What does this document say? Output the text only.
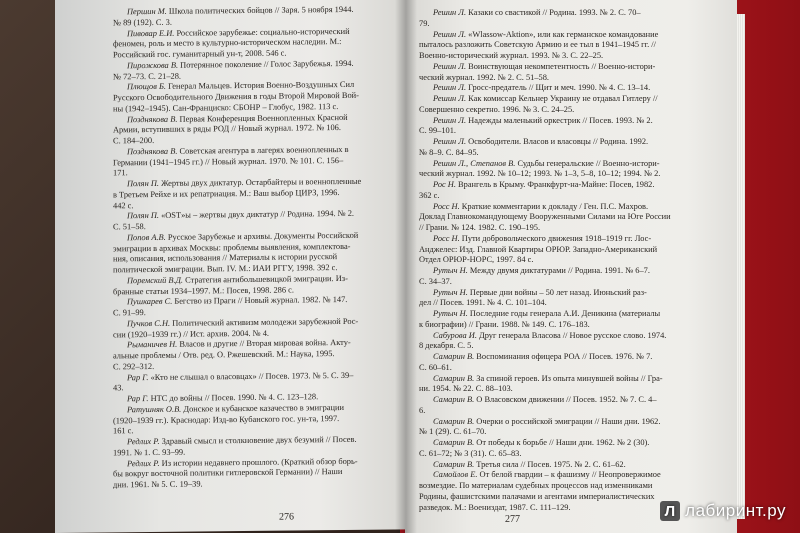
Першин М. Школа политических бойцов // Заря. 5 ноября 1944.
№ 89 (192). С. 3.
Пивовар Е.И. Российское зарубежье: социально-исторический
феномен, роль и место в культурно-историческом наследии. М.:
Российский гос. гуманитарный ун-т, 2008. 546 с.
Пирожкова В. Потерянное поколение // Голос Зарубежья. 1994.
№ 72–73. С. 21–28.
Плющов Б. Генерал Мальцев. История Военно-Воздушных Сил
Русского Освободительного Движения в годы Второй Мировой Вой-
ны (1942–1945). Сан-Франциско: СБОНР – Глобус, 1982. 113 с.
Позднякова В. Первая Конференция Военнопленных Красной
Армии, вступивших в ряды РОД // Новый журнал. 1972. № 106.
С. 184–200.
Позднякова В. Советская агентура в лагерях военнопленных в
Германии (1941–1945 гг.) // Новый журнал. 1970. № 101. С. 156–
171.
Полян П. Жертвы двух диктатур. Остарбайтеры и военнопленные
в Третьем Рейхе и их репатриация. М.: Ваш выбор ЦИРЗ, 1996.
442 с.
Полян П. «OST»ы – жертвы двух диктатур // Родина. 1994. № 2.
С. 51–58.
Попов А.В. Русское Зарубежье и архивы. Документы Российской
эмиграции в архивах Москвы: проблемы выявления, комплектова-
ния, описания, использования // Материалы к истории русской
политической эмиграции. Вып. IV. М.: ИАИ РГГУ, 1998. 392 с.
Поремский В.Д. Стратегия антибольшевицкой эмиграции. Из-
бранные статьи 1934–1997. М.: Посев, 1998. 286 с.
Пушкарев С. Бегство из Праги // Новый журнал. 1982. № 147.
С. 91–99.
Пучков С.Н. Политический активизм молодежи зарубежной Рос-
сии (1920–1939 гг.) // Ист. архив. 2004. № 4.
Рыманичев Н. Власов и другие // Вторая мировая война. Акту-
альные проблемы / Отв. ред. О. Ржешевский. М.: Наука, 1995.
С. 292–312.
Рар Г. «Кто не слышал о власовцах» // Посев. 1973. № 5. С. 39–
43.
Рар Г. НТС до войны // Посев. 1990. № 4. С. 123–128.
Ратушняк О.В. Донское и кубанское казачество в эмиграции
(1920–1939 гг.). Краснодар: Изд-во Кубанского гос. ун-та, 1997.
161 с.
Редлих Р. Здравый смысл и столкновение двух безумий // Посев.
1991. № 1. С. 93–99.
Редлих Р. Из истории недавнего прошлого. (Краткий обзор борь-
бы вокруг восточной политики гитлеровской Германии) // Наши
дни. 1961. № 5. С. 19–39.
276
Решин Л. Казаки со свастикой // Родина. 1993. № 2. С. 70–
79.
Решин Л. «Wlassow-Aktion», или как германское командование
пыталось разложить Советскую Армию и ее тыл в 1941–1945 гг. //
Военно-исторический журнал. 1993. № 3. С. 22–25.
Решин Л. Воинствующая некомпетентность // Военно-истори-
ческий журнал. 1992. № 2. С. 51–58.
Решин Л. Гросс-предатель // Щит и меч. 1990. № 4. С. 13–14.
Решин Л. Как комиссар Кельнер Украину не отдавал Гитлеру //
Совершенно секретно. 1996. № 3. С. 24–25.
Решин Л. Надежды маленький оркестрик // Посев. 1993. № 2.
С. 99–101.
Решин Л. Освободители. Власов и власовцы // Родина. 1992.
№ 8–9. С. 84–95.
Решин Л., Степанов В. Судьбы генеральские // Военно-истори-
ческий журнал. 1992. № 10–12; 1993. № 1–3, 5–8, 10–12; 1994. № 2.
Рос Н. Врангель в Крыму. Франкфурт-на-Майне: Посев, 1982.
362 с.
Росс Н. Краткие комментарии к докладу / Ген. П.С. Махров.
Доклад Главнокомандующему Вооруженными Силами на Юге России
// Грани. № 124. 1982. С. 190–195.
Росс Н. Пути добровольческого движения 1918–1919 гг. Лос-
Анджелес: Изд. Главной Квартиры ОРЮР. Западно-Американский
Отдел ОРЮР-НОРС, 1997. 84 с.
Рутыч Н. Между двумя диктатурами // Родина. 1991. № 6–7.
С. 34–37.
Рутыч Н. Первые дни войны – 50 лет назад. Июньский раз-
дел // Посев. 1991. № 4. С. 101–104.
Рутыч Н. Последние годы генерала А.И. Деникина (материалы
к биографии) // Грани. 1988. № 149. С. 176–183.
Сабурова И. Друг генерала Власова // Новое русское слово. 1974.
8 декабря. С. 5.
Самарин В. Воспоминания офицера РОА // Посев. 1976. № 7.
С. 60–61.
Самарин В. За спиной героев. Из опыта минувшей войны // Гра-
ни. 1954. № 22. С. 88–103.
Самарин В. О Власовском движении // Посев. 1952. № 7. С. 4–
6.
Самарин В. Очерки о российской эмиграции // Наши дни. 1962.
№ 1 (29). С. 61–70.
Самарин В. От победы к борьбе // Наши дни. 1962. № 2 (30).
С. 61–72; № 3 (31). С. 65–83.
Самарин В. Третья сила // Посев. 1975. № 2. С. 61–62.
Самойлов Е. От белой гвардии – к фашизму // Неопровержимое
возмездие. По материалам судебных процессов над изменниками
Родины, фашистскими палачами и агентами империалистических
разведок. М.: Воениздат, 1987. С. 111–129.
277	Л лабиринт.ру
